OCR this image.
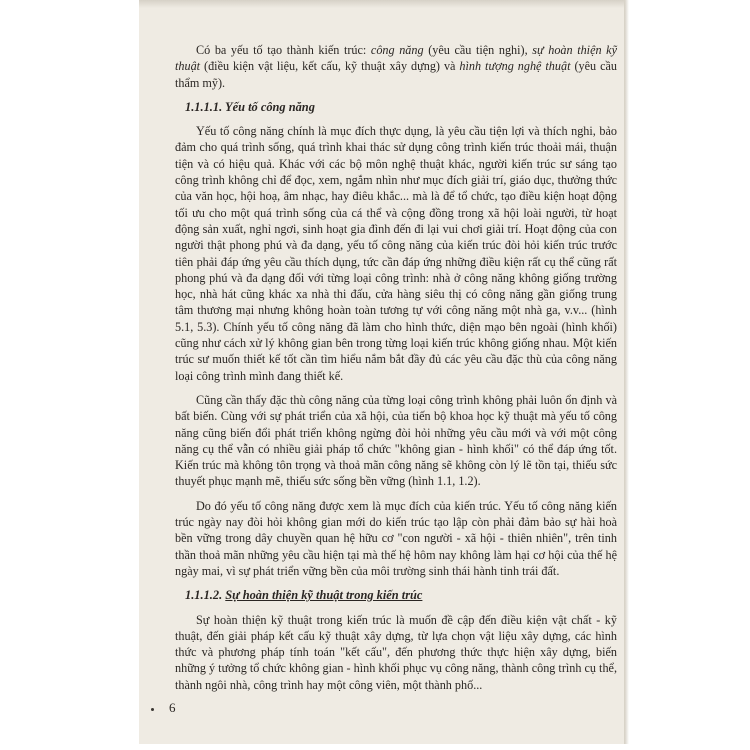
Có ba yếu tố tạo thành kiến trúc: công năng (yêu cầu tiện nghi), sự hoàn thiện kỹ thuật (điều kiện vật liệu, kết cấu, kỹ thuật xây dựng) và hình tượng nghệ thuật (yêu cầu thẩm mỹ).

1.1.1.1. Yếu tố công năng

Yếu tố công năng chính là mục đích thực dụng, là yêu cầu tiện lợi và thích nghi, bảo đảm cho quá trình sống, quá trình khai thác sử dụng công trình kiến trúc thoải mái, thuận tiện và có hiệu quả. Khác với các bộ môn nghệ thuật khác, người kiến trúc sư sáng tạo công trình không chỉ để đọc, xem, ngắm nhìn như mục đích giải trí, giáo dục, thưởng thức của văn học, hội hoạ, âm nhạc, hay điêu khắc... mà là để tổ chức, tạo điều kiện hoạt động tối ưu cho một quá trình sống của cá thể và cộng đồng trong xã hội loài người, từ hoạt động sản xuất, nghỉ ngơi, sinh hoạt gia đình đến đi lại vui chơi giải trí. Hoạt động của con người thật phong phú và đa dạng, yếu tố công năng của kiến trúc đòi hỏi kiến trúc trước tiên phải đáp ứng yêu cầu thích dụng, tức cần đáp ứng những điều kiện rất cụ thể cũng rất phong phú và đa dạng đối với từng loại công trình: nhà ở công năng không giống trường học, nhà hát cũng khác xa nhà thi đấu, cửa hàng siêu thị có công năng gần giống trung tâm thương mại nhưng không hoàn toàn tương tự với công năng một nhà ga, v.v... (hình 5.1, 5.3). Chính yếu tố công năng đã làm cho hình thức, diện mạo bên ngoài (hình khối) cũng như cách xử lý không gian bên trong từng loại kiến trúc không giống nhau. Một kiến trúc sư muốn thiết kế tốt cần tìm hiểu nắm bắt đầy đủ các yêu cầu đặc thù của công năng loại công trình mình đang thiết kế.

Cũng cần thấy đặc thù công năng của từng loại công trình không phải luôn ổn định và bất biến. Cùng với sự phát triển của xã hội, của tiến bộ khoa học kỹ thuật mà yếu tố công năng cũng biến đổi phát triển không ngừng đòi hỏi những yêu cầu mới và với một công năng cụ thể vẫn có nhiều giải pháp tổ chức "không gian - hình khối" có thể đáp ứng tốt. Kiến trúc mà không tôn trọng và thoả mãn công năng sẽ không còn lý lẽ tồn tại, thiếu sức thuyết phục mạnh mẽ, thiếu sức sống bền vững (hình 1.1, 1.2).

Do đó yếu tố công năng được xem là mục đích của kiến trúc. Yếu tố công năng kiến trúc ngày nay đòi hỏi không gian mới do kiến trúc tạo lập còn phải đảm bảo sự hài hoà bền vững trong dây chuyền quan hệ hữu cơ "con người - xã hội - thiên nhiên", trên tinh thần thoả mãn những yêu cầu hiện tại mà thế hệ hôm nay không làm hại cơ hội của thế hệ ngày mai, vì sự phát triển vững bền của môi trường sinh thái hành tinh trái đất.

1.1.1.2. Sự hoàn thiện kỹ thuật trong kiến trúc

Sự hoàn thiện kỹ thuật trong kiến trúc là muốn đề cập đến điều kiện vật chất - kỹ thuật, đến giải pháp kết cấu kỹ thuật xây dựng, từ lựa chọn vật liệu xây dựng, các hình thức và phương pháp tính toán "kết cấu", đến phương thức thực hiện xây dựng, biến những ý tưởng tổ chức không gian - hình khối phục vụ công năng, thành công trình cụ thể, thành ngôi nhà, công trình hay một công viên, một thành phố...

6
